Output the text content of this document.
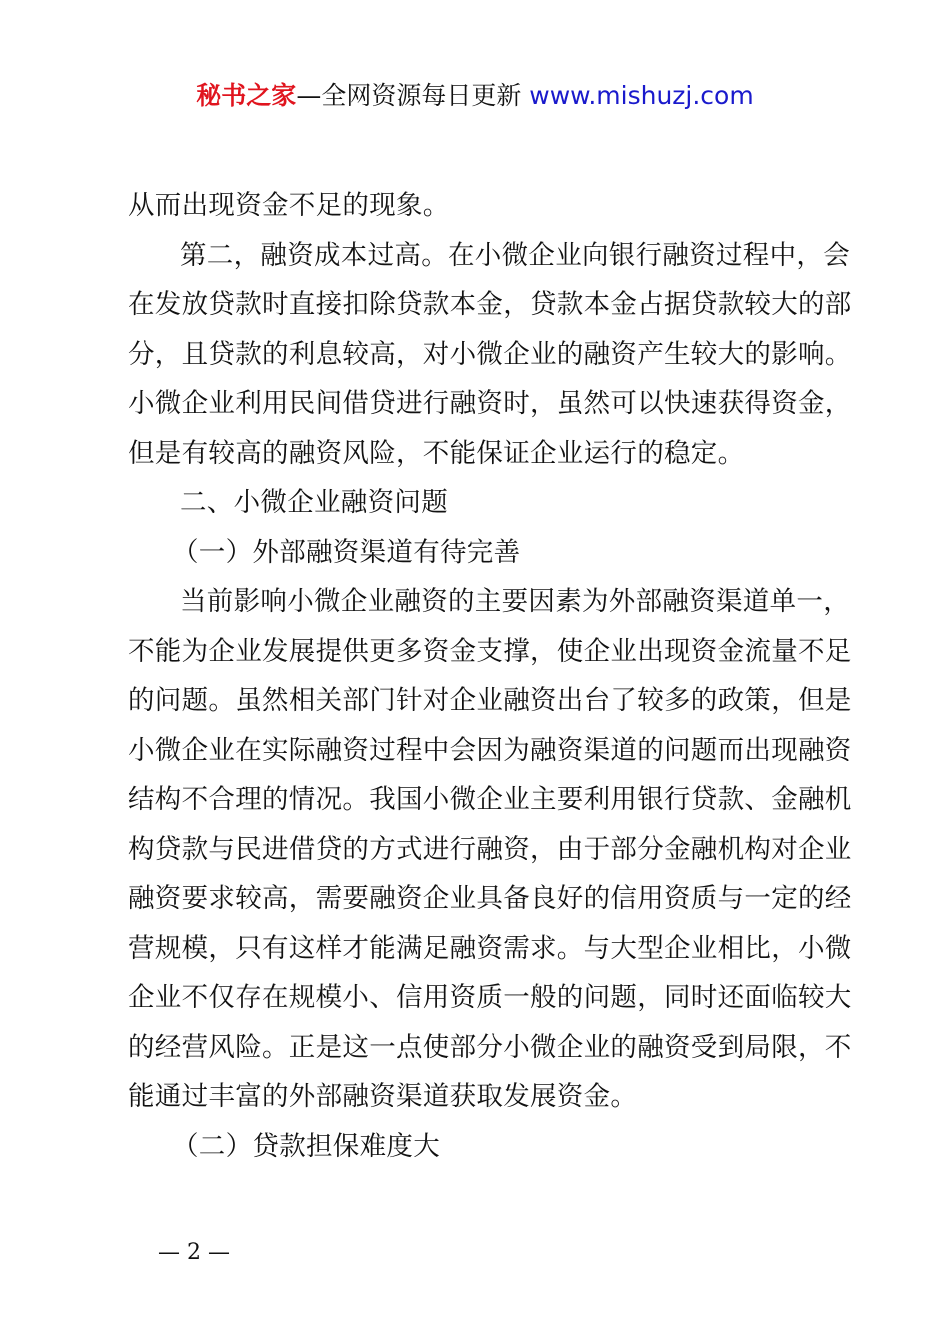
秘书之家—全网资源每日更新 www.mishuzj.com
从而出现资金不足的现象。
第二，融资成本过高。在小微企业向银行融资过程中，会
在发放贷款时直接扣除贷款本金，贷款本金占据贷款较大的部
分，且贷款的利息较高，对小微企业的融资产生较大的影响。
小微企业利用民间借贷进行融资时，虽然可以快速获得资金，
但是有较高的融资风险，不能保证企业运行的稳定。
二、小微企业融资问题
（一）外部融资渠道有待完善
当前影响小微企业融资的主要因素为外部融资渠道单一，
不能为企业发展提供更多资金支撑，使企业出现资金流量不足
的问题。虽然相关部门针对企业融资出台了较多的政策，但是
小微企业在实际融资过程中会因为融资渠道的问题而出现融资
结构不合理的情况。我国小微企业主要利用银行贷款、金融机
构贷款与民进借贷的方式进行融资，由于部分金融机构对企业
融资要求较高，需要融资企业具备良好的信用资质与一定的经
营规模，只有这样才能满足融资需求。与大型企业相比，小微
企业不仅存在规模小、信用资质一般的问题，同时还面临较大
的经营风险。正是这一点使部分小微企业的融资受到局限，不
能通过丰富的外部融资渠道获取发展资金。
（二）贷款担保难度大
— 2 —
